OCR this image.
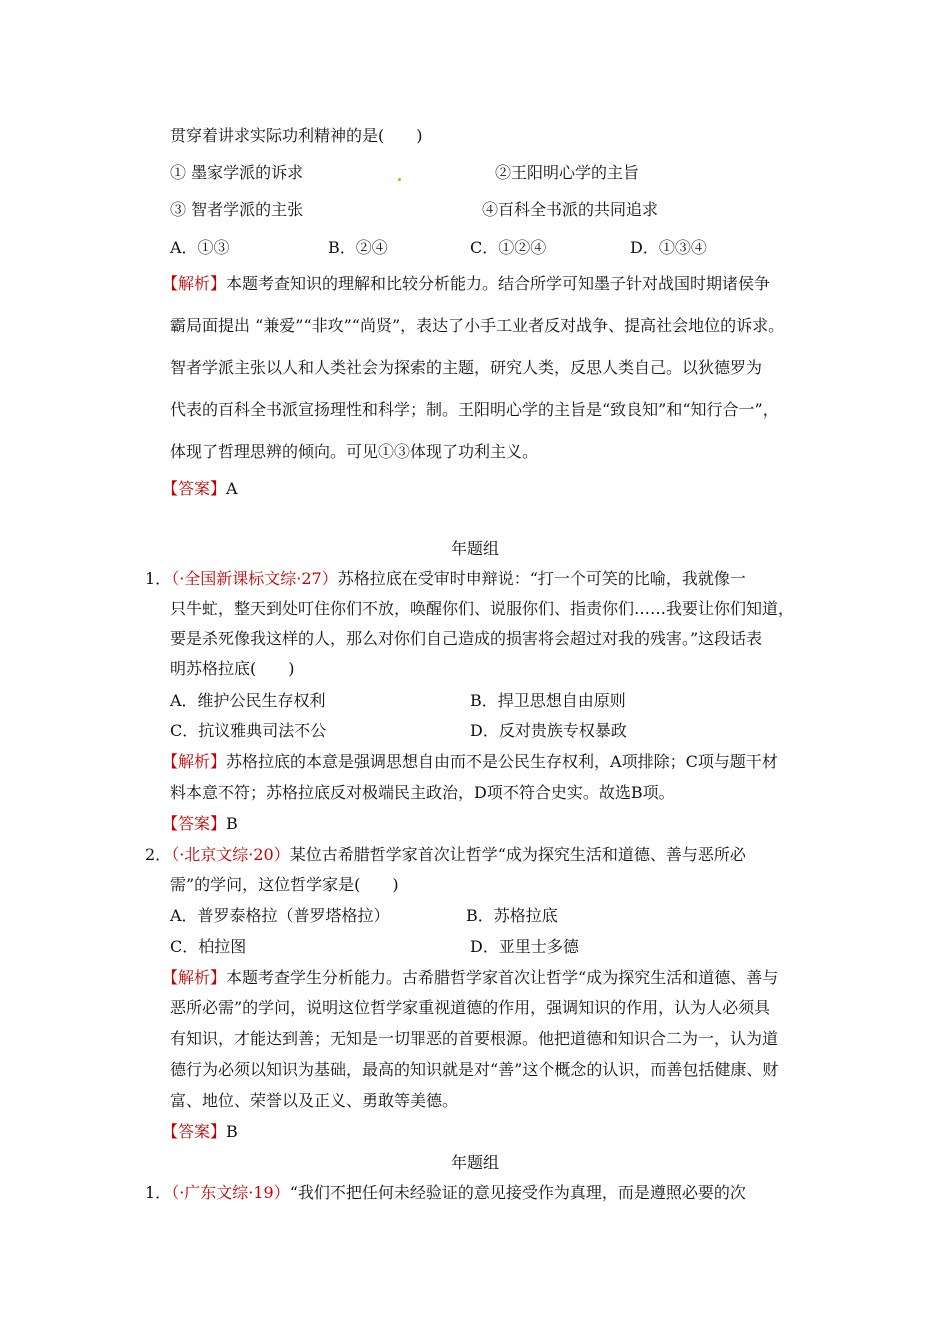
贯穿着讲求实际功利精神的是(　　)
① 墨家学派的诉求	②王阳明心学的主旨
③ 智者学派的主张	④百科全书派的共同追求
A．①③	B．②④	C．①②④	D．①③④
【解析】本题考查知识的理解和比较分析能力。结合所学可知墨子针对战国时期诸侯争
霸局面提出 “兼爱”“非攻”“尚贤”，表达了小手工业者反对战争、提高社会地位的诉求。
智者学派主张以人和人类社会为探索的主题，研究人类，反思人类自己。以狄德罗为
代表的百科全书派宣扬理性和科学；制。王阳明心学的主旨是“致良知”和“知行合一”，
体现了哲理思辨的倾向。可见①③体现了功利主义。
【答案】A
年题组
1．（·全国新课标文综·27）苏格拉底在受审时申辩说：“打一个可笑的比喻，我就像一
只牛虻，整天到处叮住你们不放，唤醒你们、说服你们、指责你们……我要让你们知道，
要是杀死像我这样的人，那么对你们自己造成的损害将会超过对我的残害。”这段话表
明苏格拉底(　　)
A．维护公民生存权利	B．捍卫思想自由原则
C．抗议雅典司法不公	D．反对贵族专权暴政
【解析】苏格拉底的本意是强调思想自由而不是公民生存权利，A项排除；C项与题干材
料本意不符；苏格拉底反对极端民主政治，D项不符合史实。故选B项。
【答案】B
2．（·北京文综·20）某位古希腊哲学家首次让哲学“成为探究生活和道德、善与恶所必
需”的学问，这位哲学家是(　　)
A．普罗泰格拉（普罗塔格拉）	B．苏格拉底
C．柏拉图	D．亚里士多德
【解析】本题考查学生分析能力。古希腊哲学家首次让哲学“成为探究生活和道德、善与
恶所必需”的学问，说明这位哲学家重视道德的作用，强调知识的作用，认为人必须具
有知识，才能达到善；无知是一切罪恶的首要根源。他把道德和知识合二为一，认为道
德行为必须以知识为基础，最高的知识就是对“善”这个概念的认识，而善包括健康、财
富、地位、荣誉以及正义、勇敢等美德。
【答案】B
年题组
1．（·广东文综·19）“我们不把任何未经验证的意见接受作为真理，而是遵照必要的次
